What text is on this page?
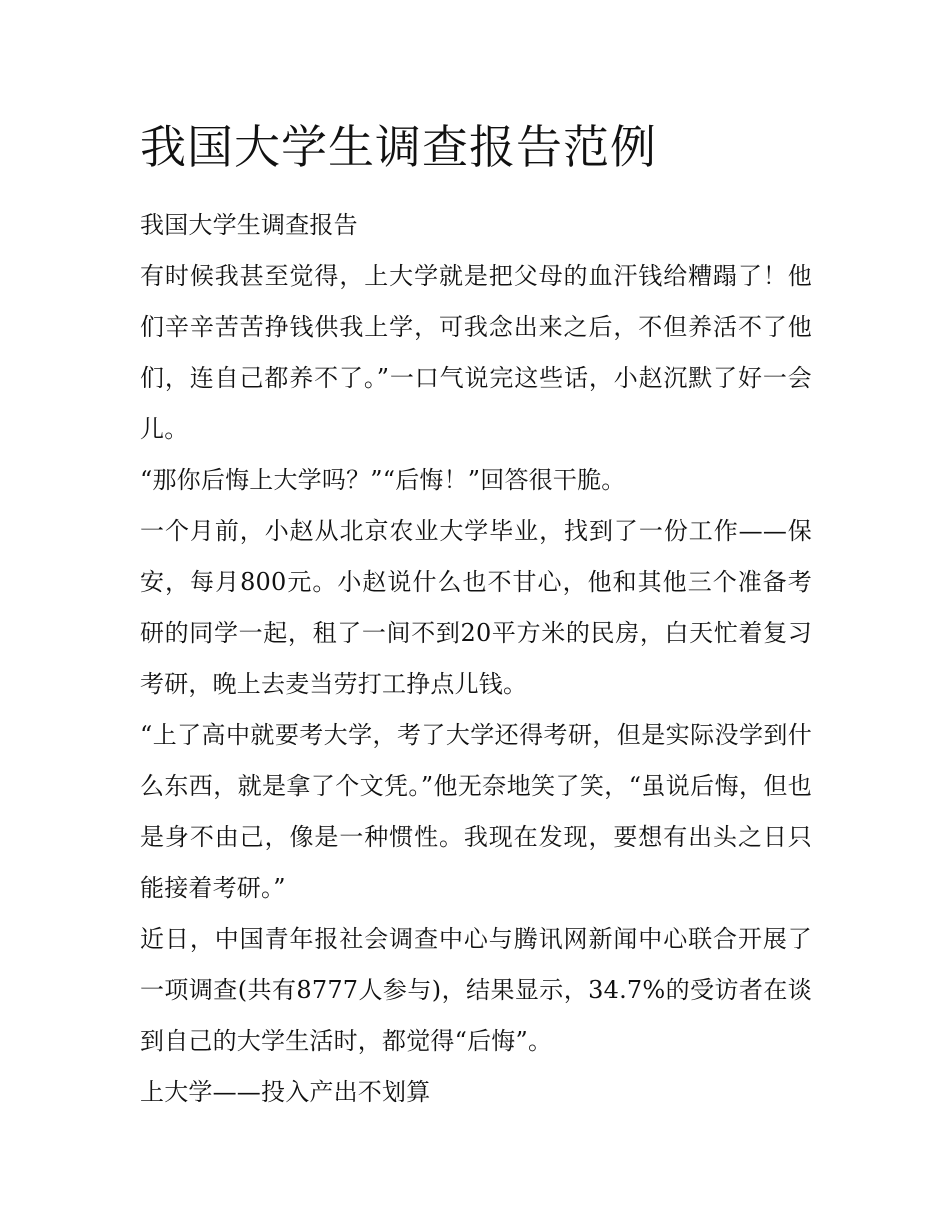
我国大学生调查报告范例

我国大学生调查报告

有时候我甚至觉得，上大学就是把父母的血汗钱给糟蹋了！他们辛辛苦苦挣钱供我上学，可我念出来之后，不但养活不了他们，连自己都养不了。”一口气说完这些话，小赵沉默了好一会儿。

“那你后悔上大学吗？”“后悔！”回答很干脆。

一个月前，小赵从北京农业大学毕业，找到了一份工作——保安，每月800元。小赵说什么也不甘心，他和其他三个准备考研的同学一起，租了一间不到20平方米的民房，白天忙着复习考研，晚上去麦当劳打工挣点儿钱。

“上了高中就要考大学，考了大学还得考研，但是实际没学到什么东西，就是拿了个文凭。”他无奈地笑了笑，“虽说后悔，但也是身不由己，像是一种惯性。我现在发现，要想有出头之日只能接着考研。”

近日，中国青年报社会调查中心与腾讯网新闻中心联合开展了一项调查(共有8777人参与)，结果显示，34.7%的受访者在谈到自己的大学生活时，都觉得“后悔”。

上大学——投入产出不划算
